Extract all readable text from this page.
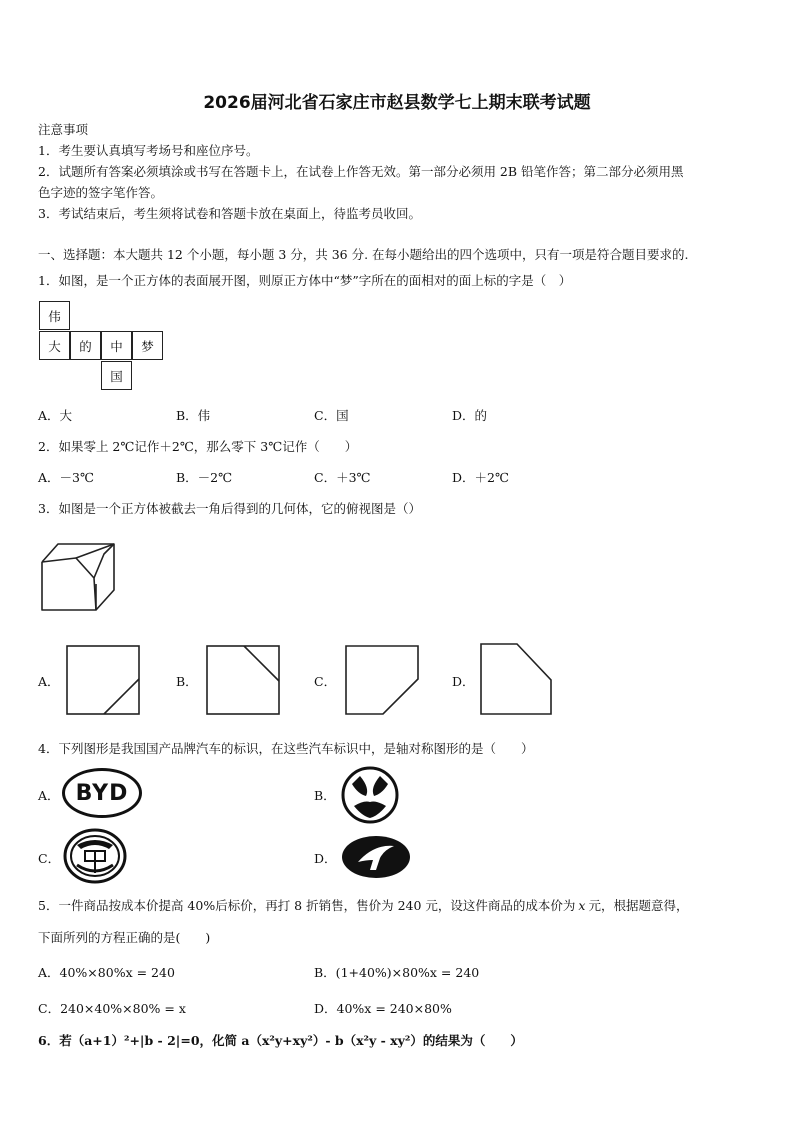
2026届河北省石家庄市赵县数学七上期末联考试题
注意事项
1．考生要认真填写考场号和座位序号。
2．试题所有答案必须填涂或书写在答题卡上，在试卷上作答无效。第一部分必须用 2B 铅笔作答；第二部分必须用黑
色字迹的签字笔作答。
3．考试结束后，考生须将试卷和答题卡放在桌面上，待监考员收回。
一、选择题：本大题共 12 个小题，每小题 3 分，共 36 分. 在每小题给出的四个选项中，只有一项是符合题目要求的.
1．如图，是一个正方体的表面展开图，则原正方体中“梦”字所在的面相对的面上标的字是（　）
伟
大	的	中	梦
国
A．大	B．伟	C．国	D．的
2．如果零上 2℃记作＋2℃，那么零下 3℃记作（　　）
A．－3℃	B．－2℃	C．＋3℃	D．＋2℃
3．如图是一个正方体被截去一角后得到的几何体，它的俯视图是（）
A．	B．	C．	D．
4．下列图形是我国国产品牌汽车的标识，在这些汽车标识中，是轴对称图形的是（　　）
A． BYD	B．
C．	D．
5．一件商品按成本价提高 40%后标价，再打 8 折销售，售价为 240 元，设这件商品的成本价为 x 元，根据题意得，
下面所列的方程正确的是(　　)
A．40%×80%x = 240	B．(1+40%)×80%x = 240
C．240×40%×80% = x	D．40%x = 240×80%
6．若（a+1）²+|b - 2|=0，化简 a（x²y+xy²）- b（x²y - xy²）的结果为（　　）
